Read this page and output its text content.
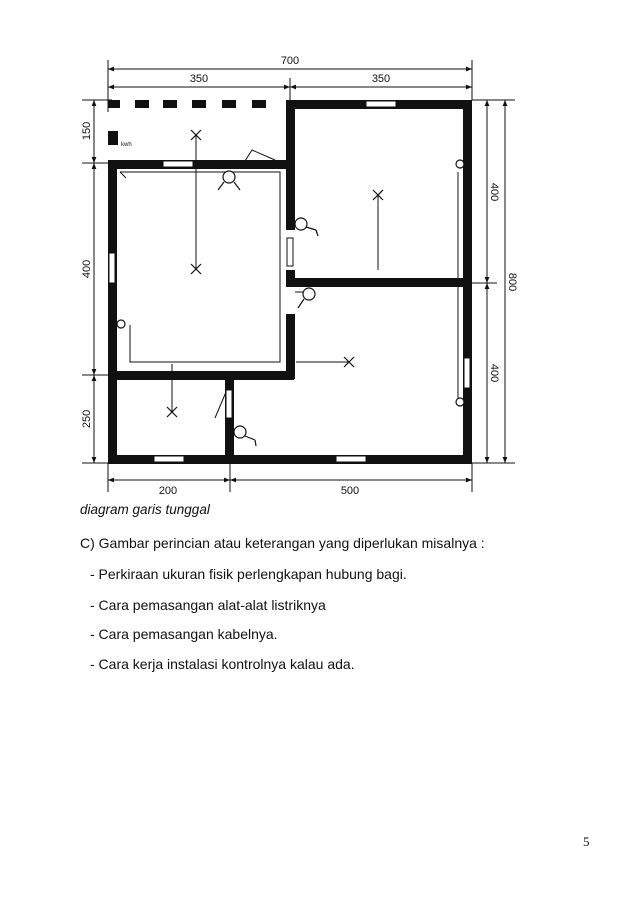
700
350	350
150
400
250
400
400
800
200	500
kwh
diagram garis tunggal
C) Gambar perincian atau keterangan yang diperlukan misalnya :
- Perkiraan ukuran fisik perlengkapan hubung bagi.
- Cara pemasangan alat-alat listriknya
- Cara pemasangan kabelnya.
- Cara kerja instalasi kontrolnya kalau ada.
5
